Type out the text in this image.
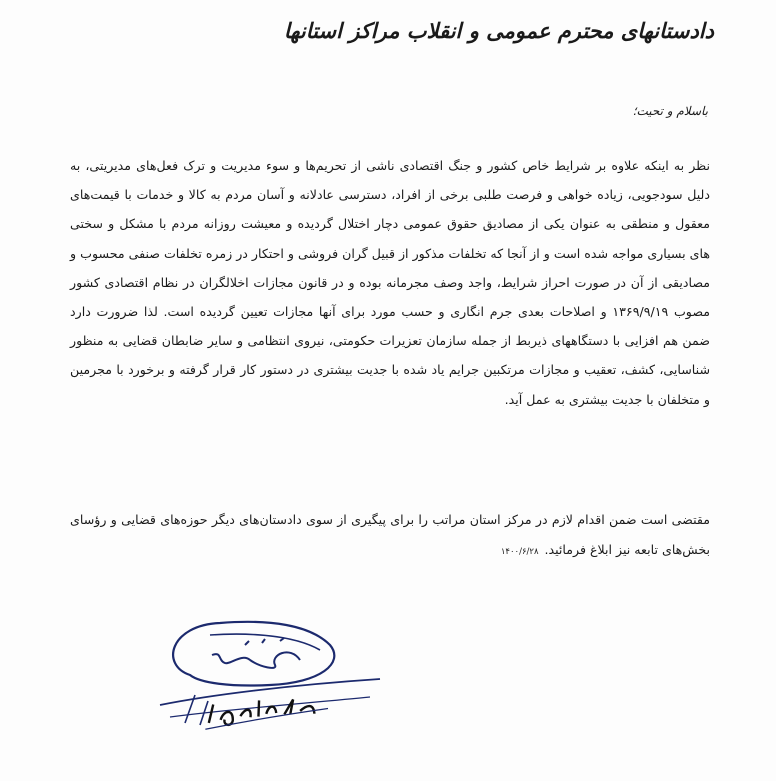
دادستانهای محترم عمومی و انقلاب مراکز استانها
باسلام و تحیت؛

نظر به اینکه علاوه بر شرایط خاص کشور و جنگ اقتصادی ناشی از تحریم‌ها و سوء مدیریت و ترک فعل‌های مدیریتی، به دلیل سودجویی، زیاده خواهی و فرصت طلبی برخی از افراد، دسترسی عادلانه و آسان مردم به کالا و خدمات با قیمت‌های معقول و منطقی به عنوان یکی از مصادیق حقوق عمومی دچار اختلال گردیده و معیشت روزانه مردم با مشکل و سختی های بسیاری مواجه شده است و از آنجا که تخلفات مذکور از قبیل گران فروشی و احتکار در زمره تخلفات صنفی محسوب و مصادیقی از آن در صورت احراز شرایط، واجد وصف مجرمانه بوده و در قانون مجازات اخلالگران در نظام اقتصادی کشور مصوب ۱۳۶۹/۹/۱۹ و اصلاحات بعدی جرم انگاری و حسب مورد برای آنها مجازات تعیین گردیده است. لذا ضرورت دارد ضمن هم افزایی با دستگاههای ذیربط از جمله سازمان تعزیرات حکومتی، نیروی انتظامی و سایر ضابطان قضایی به منظور شناسایی، کشف، تعقیب و مجازات مرتکبین جرایم یاد شده با جدیت بیشتری در دستور کار قرار گرفته و برخورد با مجرمین و متخلفان با جدیت بیشتری به عمل آید.

مقتضی است ضمن اقدام لازم در مرکز استان مراتب را برای پیگیری از سوی دادستان‌های دیگر حوزه‌های قضایی و رؤسای بخش‌های تابعه نیز ابلاغ فرمائید.۱۴۰۰/۶/۲۸
